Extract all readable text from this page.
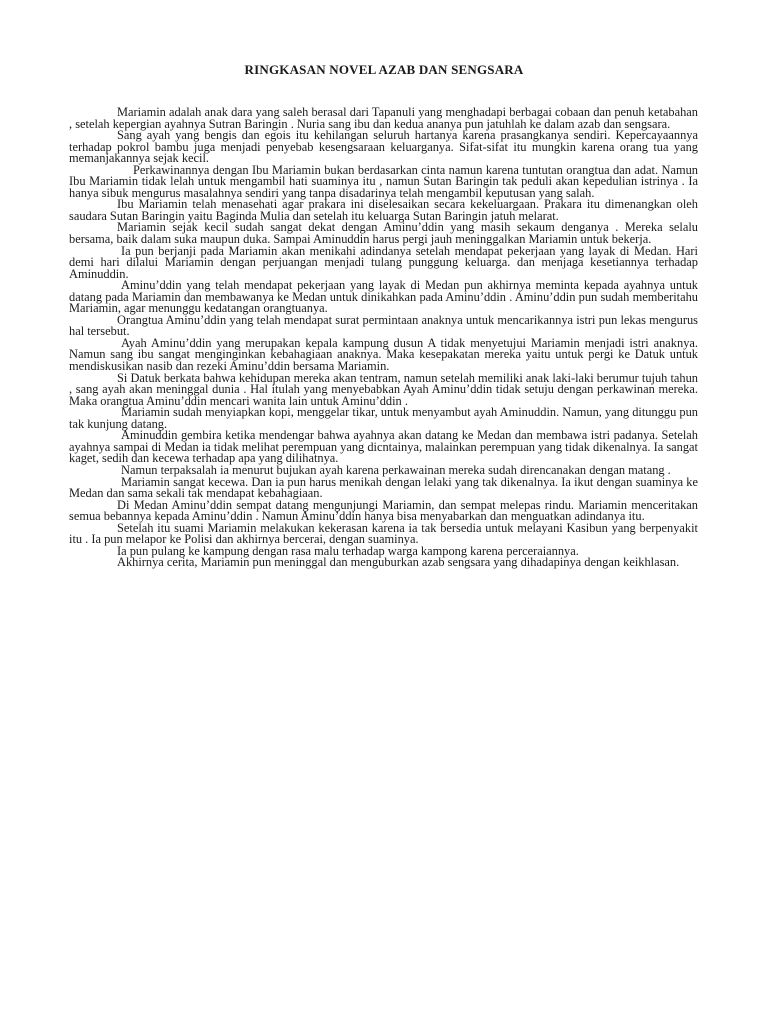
RINGKASAN NOVEL AZAB DAN SENGSARA

Mariamin adalah anak dara yang saleh berasal dari Tapanuli yang menghadapi berbagai cobaan dan penuh ketabahan , setelah kepergian ayahnya Sutran Baringin . Nuria sang ibu dan kedua ananya pun jatuhlah ke dalam azab dan sengsara.

Sang ayah yang bengis dan egois itu kehilangan seluruh hartanya karena prasangkanya sendiri. Kepercayaannya terhadap pokrol bambu juga menjadi penyebab kesengsaraan keluarganya. Sifat-sifat itu mungkin karena orang tua yang memanjakannya sejak kecil.

Perkawinannya dengan Ibu Mariamin bukan berdasarkan cinta namun karena tuntutan orangtua dan adat. Namun Ibu Mariamin tidak lelah untuk mengambil hati suaminya itu , namun Sutan Baringin tak peduli akan kepedulian istrinya . Ia hanya sibuk mengurus masalahnya sendiri yang tanpa disadarinya telah mengambil keputusan yang salah.

Ibu Mariamin telah menasehati agar prakara ini diselesaikan secara kekeluargaan. Prakara itu dimenangkan oleh saudara Sutan Baringin yaitu Baginda Mulia dan setelah itu keluarga Sutan Baringin jatuh melarat.

Mariamin sejak kecil sudah sangat dekat dengan Aminu’ddin yang masih sekaum denganya . Mereka selalu bersama, baik dalam suka maupun duka. Sampai Aminuddin harus pergi jauh meninggalkan Mariamin untuk bekerja.

Ia pun berjanji pada Mariamin akan menikahi adindanya setelah mendapat pekerjaan yang layak di Medan. Hari demi hari dilalui Mariamin dengan perjuangan menjadi tulang punggung keluarga. dan menjaga kesetiannya terhadap Aminuddin.

Aminu’ddin yang telah mendapat pekerjaan yang layak di Medan pun akhirnya meminta kepada ayahnya untuk datang pada Mariamin dan membawanya ke Medan untuk dinikahkan pada Aminu’ddin . Aminu’ddin pun sudah memberitahu Mariamin, agar menunggu kedatangan orangtuanya.

Orangtua Aminu’ddin yang telah mendapat surat permintaan anaknya untuk mencarikannya istri pun lekas mengurus hal tersebut.

Ayah Aminu’ddin yang merupakan kepala kampung dusun A tidak menyetujui Mariamin menjadi istri anaknya. Namun sang ibu sangat menginginkan kebahagiaan anaknya. Maka kesepakatan mereka yaitu untuk pergi ke Datuk untuk mendiskusikan nasib dan rezeki Aminu’ddin bersama Mariamin.

Si Datuk berkata bahwa kehidupan mereka akan tentram, namun setelah memiliki anak laki-laki berumur tujuh tahun , sang ayah akan meninggal dunia . Hal itulah yang menyebabkan Ayah Aminu’ddin tidak setuju dengan perkawinan mereka. Maka orangtua Aminu’ddin mencari wanita lain untuk Aminu’ddin .

Mariamin sudah menyiapkan kopi, menggelar tikar, untuk menyambut ayah Aminuddin. Namun, yang ditunggu pun tak kunjung datang.

Aminuddin gembira ketika mendengar bahwa ayahnya akan datang ke Medan dan membawa istri padanya. Setelah ayahnya sampai di Medan ia tidak melihat perempuan yang dicntainya, malainkan perempuan yang tidak dikenalnya. Ia sangat kaget, sedih dan kecewa terhadap apa yang dilihatnya.

Namun terpaksalah ia menurut bujukan ayah karena perkawainan mereka sudah direncanakan dengan matang .

Mariamin sangat kecewa. Dan ia pun harus menikah dengan lelaki yang tak dikenalnya. Ia ikut dengan suaminya ke Medan dan sama sekali tak mendapat kebahagiaan.

Di Medan Aminu’ddin sempat datang mengunjungi Mariamin, dan sempat melepas rindu. Mariamin menceritakan semua bebannya kepada Aminu’ddin . Namun Aminu’ddin hanya bisa menyabarkan dan menguatkan adindanya itu.

Setelah itu suami Mariamin melakukan kekerasan karena ia tak bersedia untuk melayani Kasibun yang berpenyakit itu . Ia pun melapor ke Polisi dan akhirnya bercerai, dengan suaminya.

Ia pun pulang ke kampung dengan rasa malu terhadap warga kampong karena perceraiannya.

Akhirnya cerita, Mariamin pun meninggal dan menguburkan azab sengsara yang dihadapinya dengan keikhlasan.
